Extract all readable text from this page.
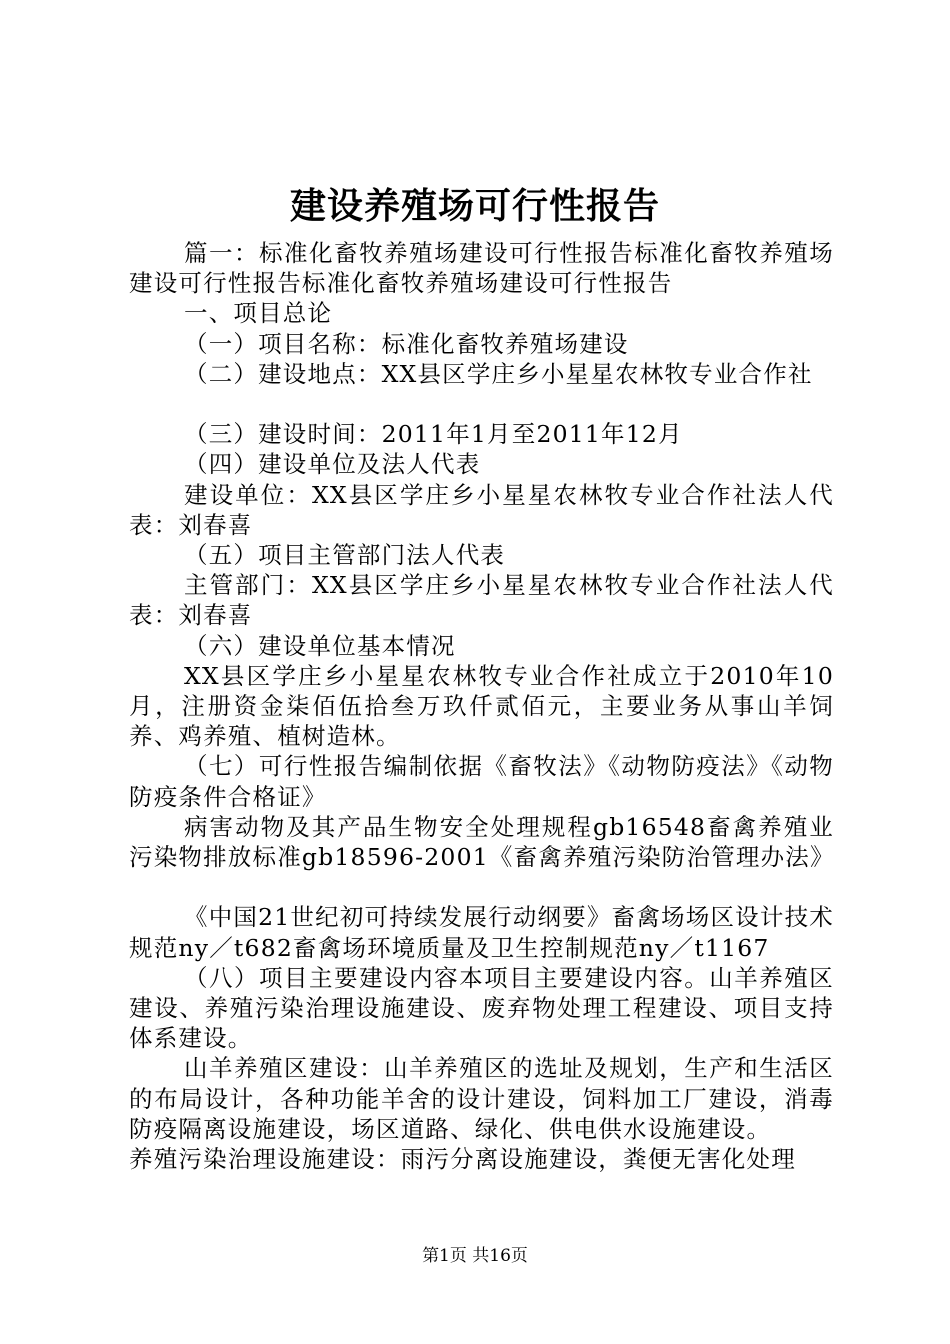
建设养殖场可行性报告

篇一：标准化畜牧养殖场建设可行性报告标准化畜牧养殖场建设可行性报告标准化畜牧养殖场建设可行性报告

一、项目总论

（一）项目名称：标准化畜牧养殖场建设

（二）建设地点：XX县区学庄乡小星星农林牧专业合作社

（三）建设时间：2011年1月至2011年12月

（四）建设单位及法人代表

建设单位：XX县区学庄乡小星星农林牧专业合作社法人代表：刘春喜

（五）项目主管部门法人代表

主管部门：XX县区学庄乡小星星农林牧专业合作社法人代表：刘春喜

（六）建设单位基本情况

XX县区学庄乡小星星农林牧专业合作社成立于2010年10月，注册资金柒佰伍拾叁万玖仟贰佰元，主要业务从事山羊饲养、鸡养殖、植树造林。

（七）可行性报告编制依据《畜牧法》《动物防疫法》《动物防疫条件合格证》

病害动物及其产品生物安全处理规程gb16548畜禽养殖业污染物排放标准gb18596-2001《畜禽养殖污染防治管理办法》

《中国21世纪初可持续发展行动纲要》畜禽场场区设计技术规范ny／t682畜禽场环境质量及卫生控制规范ny／t1167

（八）项目主要建设内容本项目主要建设内容。山羊养殖区建设、养殖污染治理设施建设、废弃物处理工程建设、项目支持体系建设。

山羊养殖区建设：山羊养殖区的选址及规划，生产和生活区的布局设计，各种功能羊舍的设计建设，饲料加工厂建设，消毒防疫隔离设施建设，场区道路、绿化、供电供水设施建设。

养殖污染治理设施建设：雨污分离设施建设，粪便无害化处理

第1页 共16页
